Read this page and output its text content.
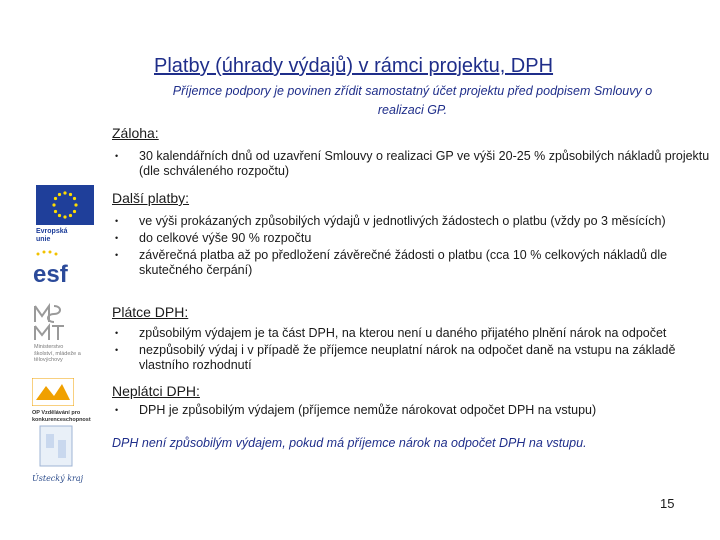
Evropská
unie
esf
Ministerstvo školství, mládeže a tělovýchovy
OP Vzdělávání pro konkurenceschopnost
Ústecký kraj
Platby (úhrady výdajů) v rámci projektu, DPH
Příjemce podpory je povinen zřídit samostatný účet projektu před podpisem Smlouvy o realizaci GP.
Záloha:
• 30 kalendářních dnů od uzavření Smlouvy o realizaci GP ve výši 20-25 % způsobilých nákladů projektu (dle schváleného rozpočtu)
Další platby:
• ve výši prokázaných způsobilých výdajů v jednotlivých žádostech o platbu (vždy po 3 měsících)
• do celkové výše 90 % rozpočtu
• závěrečná platba až po předložení závěrečné žádosti o platbu (cca 10 % celkových nákladů dle skutečného čerpání)
Plátce DPH:
• způsobilým výdajem je ta část DPH, na kterou není u daného přijatého plnění nárok na odpočet
• nezpůsobilý výdaj i v případě že příjemce neuplatní nárok na odpočet daně na vstupu na základě vlastního rozhodnutí
Neplátci DPH:
• DPH je způsobilým výdajem (příjemce nemůže nárokovat odpočet DPH na vstupu)
DPH není způsobilým výdajem, pokud má příjemce nárok na odpočet DPH na vstupu.
15
